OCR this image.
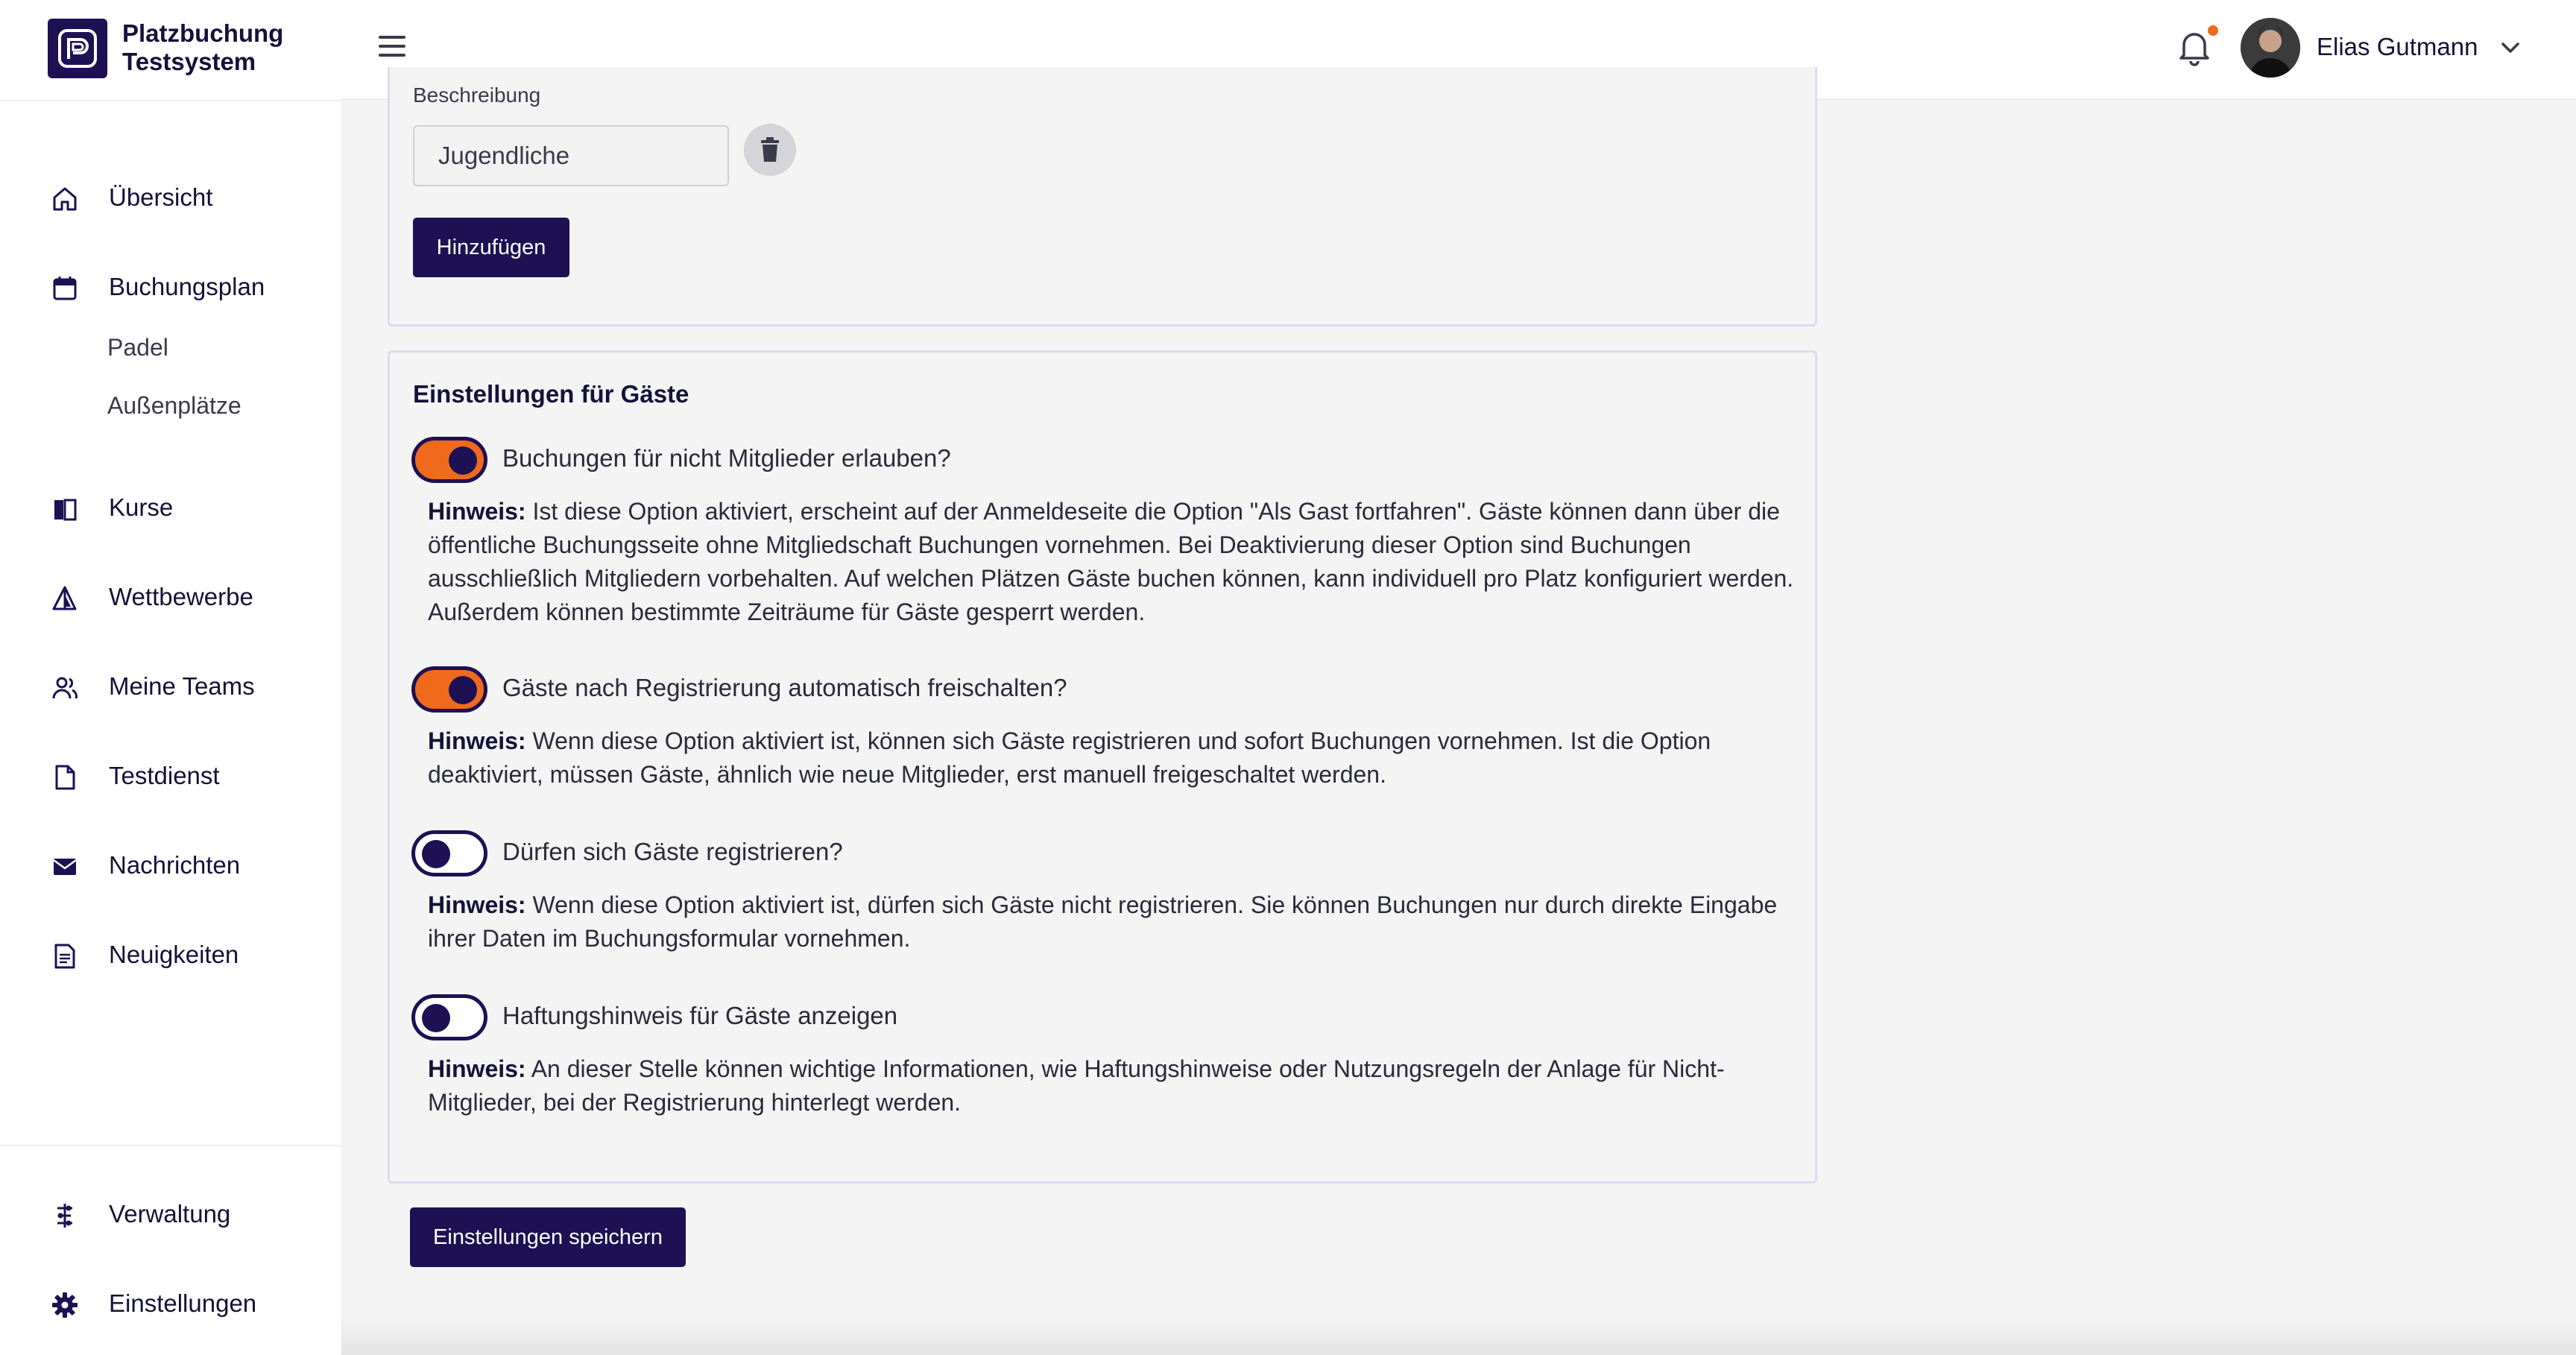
Platzbuchung
Testsystem
Übersicht
Buchungsplan
Padel
Außenplätze
Kurse
Wettbewerbe
Meine Teams
Testdienst
Nachrichten
Neuigkeiten
Verwaltung
Einstellungen
Elias Gutmann
Beschreibung
Jugendliche
Hinzufügen
Einstellungen für Gäste
Buchungen für nicht Mitglieder erlauben?
Hinweis: Ist diese Option aktiviert, erscheint auf der Anmeldeseite die Option "Als Gast fortfahren". Gäste können dann über die öffentliche Buchungsseite ohne Mitgliedschaft Buchungen vornehmen. Bei Deaktivierung dieser Option sind Buchungen ausschließlich Mitgliedern vorbehalten. Auf welchen Plätzen Gäste buchen können, kann individuell pro Platz konfiguriert werden. Außerdem können bestimmte Zeiträume für Gäste gesperrt werden.
Gäste nach Registrierung automatisch freischalten?
Hinweis: Wenn diese Option aktiviert ist, können sich Gäste registrieren und sofort Buchungen vornehmen. Ist die Option deaktiviert, müssen Gäste, ähnlich wie neue Mitglieder, erst manuell freigeschaltet werden.
Dürfen sich Gäste registrieren?
Hinweis: Wenn diese Option aktiviert ist, dürfen sich Gäste nicht registrieren. Sie können Buchungen nur durch direkte Eingabe ihrer Daten im Buchungsformular vornehmen.
Haftungshinweis für Gäste anzeigen
Hinweis: An dieser Stelle können wichtige Informationen, wie Haftungshinweise oder Nutzungsregeln der Anlage für Nicht-Mitglieder, bei der Registrierung hinterlegt werden.
Einstellungen speichern
